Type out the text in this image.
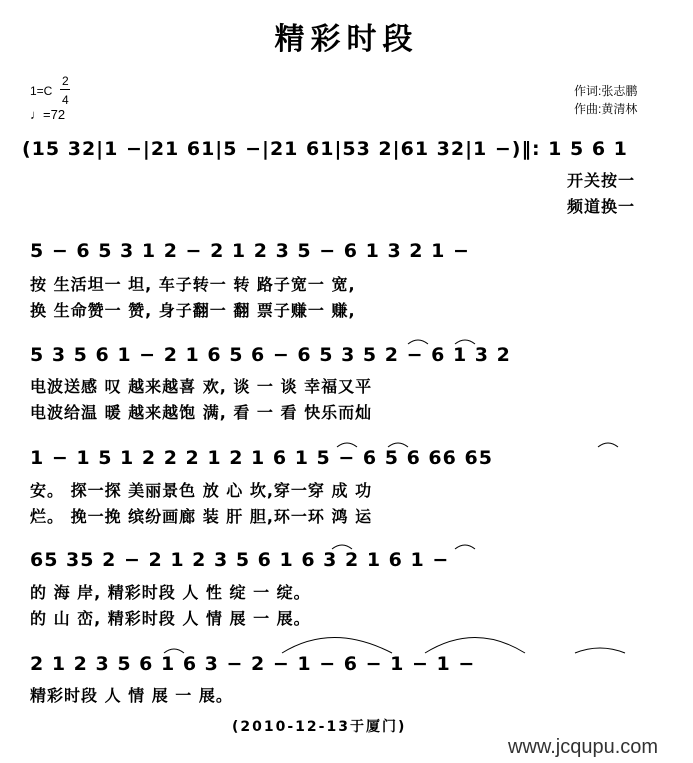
精彩时段
1=C
2
4
♩=72
作词:张志鹏
作曲:黄清林
(15 32|1 −|21 61|5 −|21 61|53 2|61 32|1 −)‖: 1 5 6 1
开关按一
频道换一
5 − 6 5 3 1 2 − 2 1 2 3 5 − 6 1 3 2 1 −
按 生活坦一 坦, 车子转一 转 路子宽一 宽,
换 生命赞一 赞, 身子翻一 翻 票子赚一 赚,
5 3 5 6 1 − 2 1 6 5 6 − 6 5 3 5 2 − 6 1 3 2
电波送感 叹 越来越喜 欢, 谈 一 谈 幸福又平
电波给温 暖 越来越饱 满, 看 一 看 快乐而灿
1 − 1 5 1 2 2 2 1 2 1 6 1 5 − 6 5 6 66 65
安。 探一探 美丽景色 放 心 坎,穿一穿 成 功
烂。 挽一挽 缤纷画廊 装 肝 胆,环一环 鸿 运
65 35 2 − 2 1 2 3 5 6 1 6 3 2 1 6 1 −
的 海 岸, 精彩时段 人 性 绽 一 绽。
的 山 峦, 精彩时段 人 情 展 一 展。
2 1 2 3 5 6 1 6 3 − 2 − 1 − 6 − 1 − 1 −
精彩时段 人 情 展 一 展。
(2010-12-13于厦门)
www.jcqupu.com
